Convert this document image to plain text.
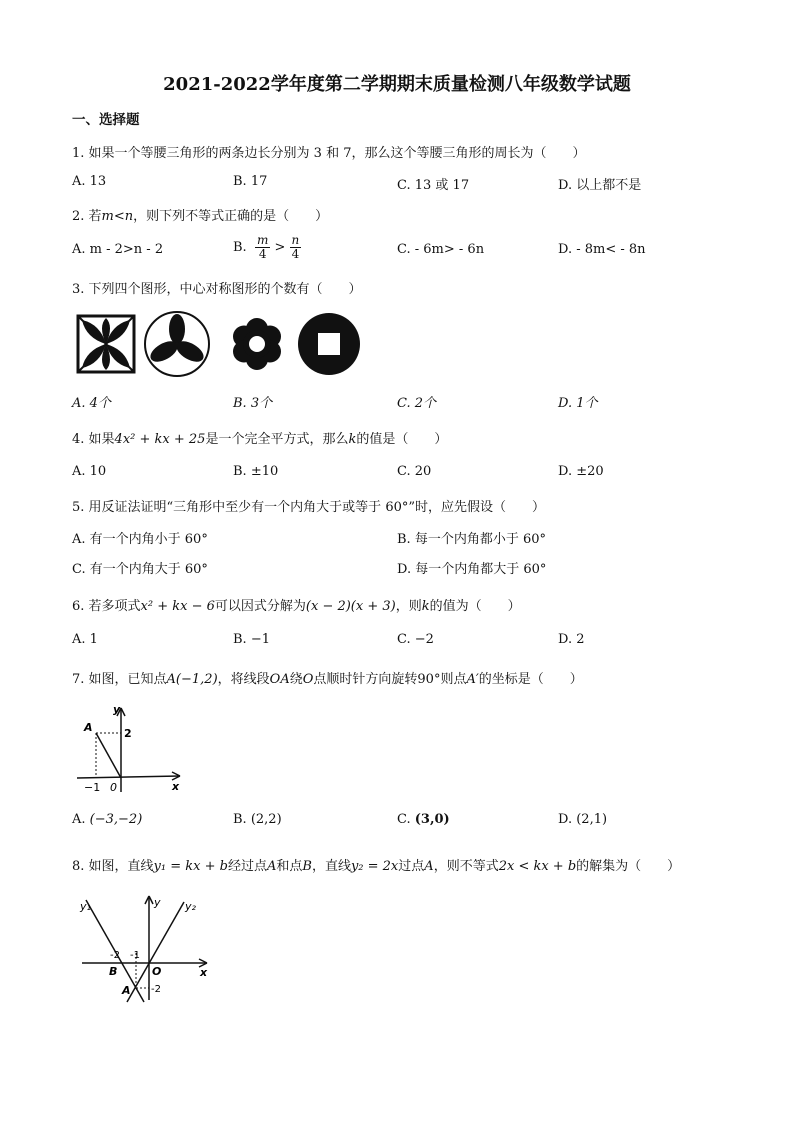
2021-2022学年度第二学期期末质量检测八年级数学试题
一、选择题
1. 如果一个等腰三角形的两条边长分别为 3 和 7，那么这个等腰三角形的周长为（　　）
A. 13	B. 17	C. 13 或 17	D. 以上都不是
2. 若m<n，则下列不等式正确的是（　　）
A. m - 2>n - 2	B. $\frac{m}{4} > \frac{n}{4}$	C. - 6m> - 6n	D. - 8m< - 8n
3. 下列四个图形，中心对称图形的个数有（　　）
A. 4个	B. 3个	C. 2个	D. 1个
4. 如果4x² + kx + 25是一个完全平方式，那么k的值是（　　）
A. 10	B. ±10	C. 20	D. ±20
5. 用反证法证明“三角形中至少有一个内角大于或等于 60°”时，应先假设（　　）
A. 有一个内角小于 60°	B. 每一个内角都小于 60°
C. 有一个内角大于 60°	D. 每一个内角都大于 60°
6. 若多项式x² + kx − 6可以因式分解为(x − 2)(x + 3)，则k的值为（　　）
A. 1	B. −1	C. −2	D. 2
7. 如图，已知点A(−1,2)，将线段OA绕O点顺时针方向旋转90°则点A′的坐标是（　　）
A
y
2
−1 0	x
A. (−3,−2)	B. (2,2)	C. (3,0)	D. (2,1)
8. 如图，直线y₁ = kx + b经过点A和点B，直线y₂ = 2x过点A，则不等式2x < kx + b的解集为（　　）
y₁	y y₂
-2 -1
B	O	x
A -2
